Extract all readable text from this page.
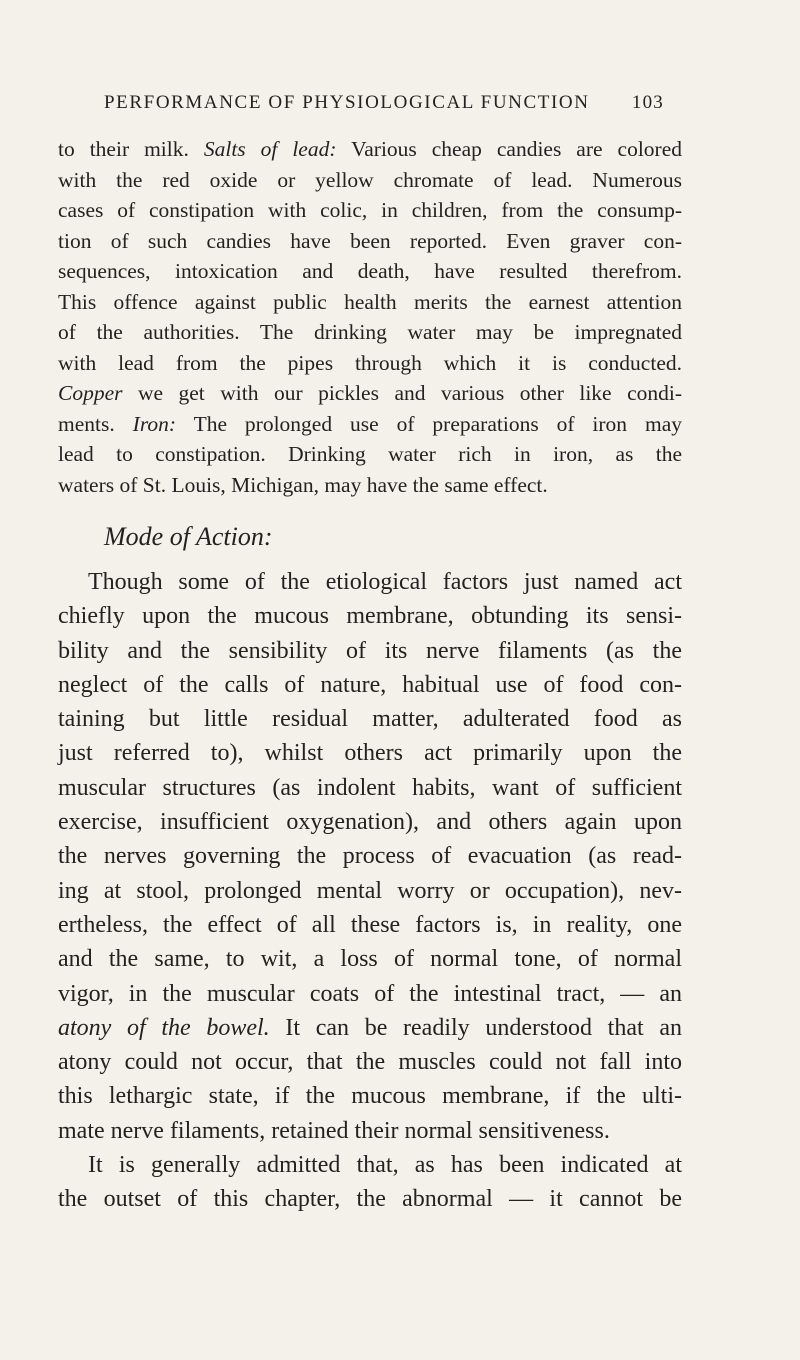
PERFORMANCE OF PHYSIOLOGICAL FUNCTION 103
to their milk. Salts of lead: Various cheap candies are colored
with the red oxide or yellow chromate of lead. Numerous
cases of constipation with colic, in children, from the consump-
tion of such candies have been reported. Even graver con-
sequences, intoxication and death, have resulted therefrom.
This offence against public health merits the earnest attention
of the authorities. The drinking water may be impregnated
with lead from the pipes through which it is conducted.
Copper we get with our pickles and various other like condi-
ments. Iron: The prolonged use of preparations of iron may
lead to constipation. Drinking water rich in iron, as the
waters of St. Louis, Michigan, may have the same effect.
Mode of Action:
Though some of the etiological factors just named act
chiefly upon the mucous membrane, obtunding its sensi-
bility and the sensibility of its nerve filaments (as the
neglect of the calls of nature, habitual use of food con-
taining but little residual matter, adulterated food as
just referred to), whilst others act primarily upon the
muscular structures (as indolent habits, want of sufficient
exercise, insufficient oxygenation), and others again upon
the nerves governing the process of evacuation (as read-
ing at stool, prolonged mental worry or occupation), nev-
ertheless, the effect of all these factors is, in reality, one
and the same, to wit, a loss of normal tone, of normal
vigor, in the muscular coats of the intestinal tract, — an
atony of the bowel. It can be readily understood that an
atony could not occur, that the muscles could not fall into
this lethargic state, if the mucous membrane, if the ulti-
mate nerve filaments, retained their normal sensitiveness.
It is generally admitted that, as has been indicated at
the outset of this chapter, the abnormal — it cannot be
